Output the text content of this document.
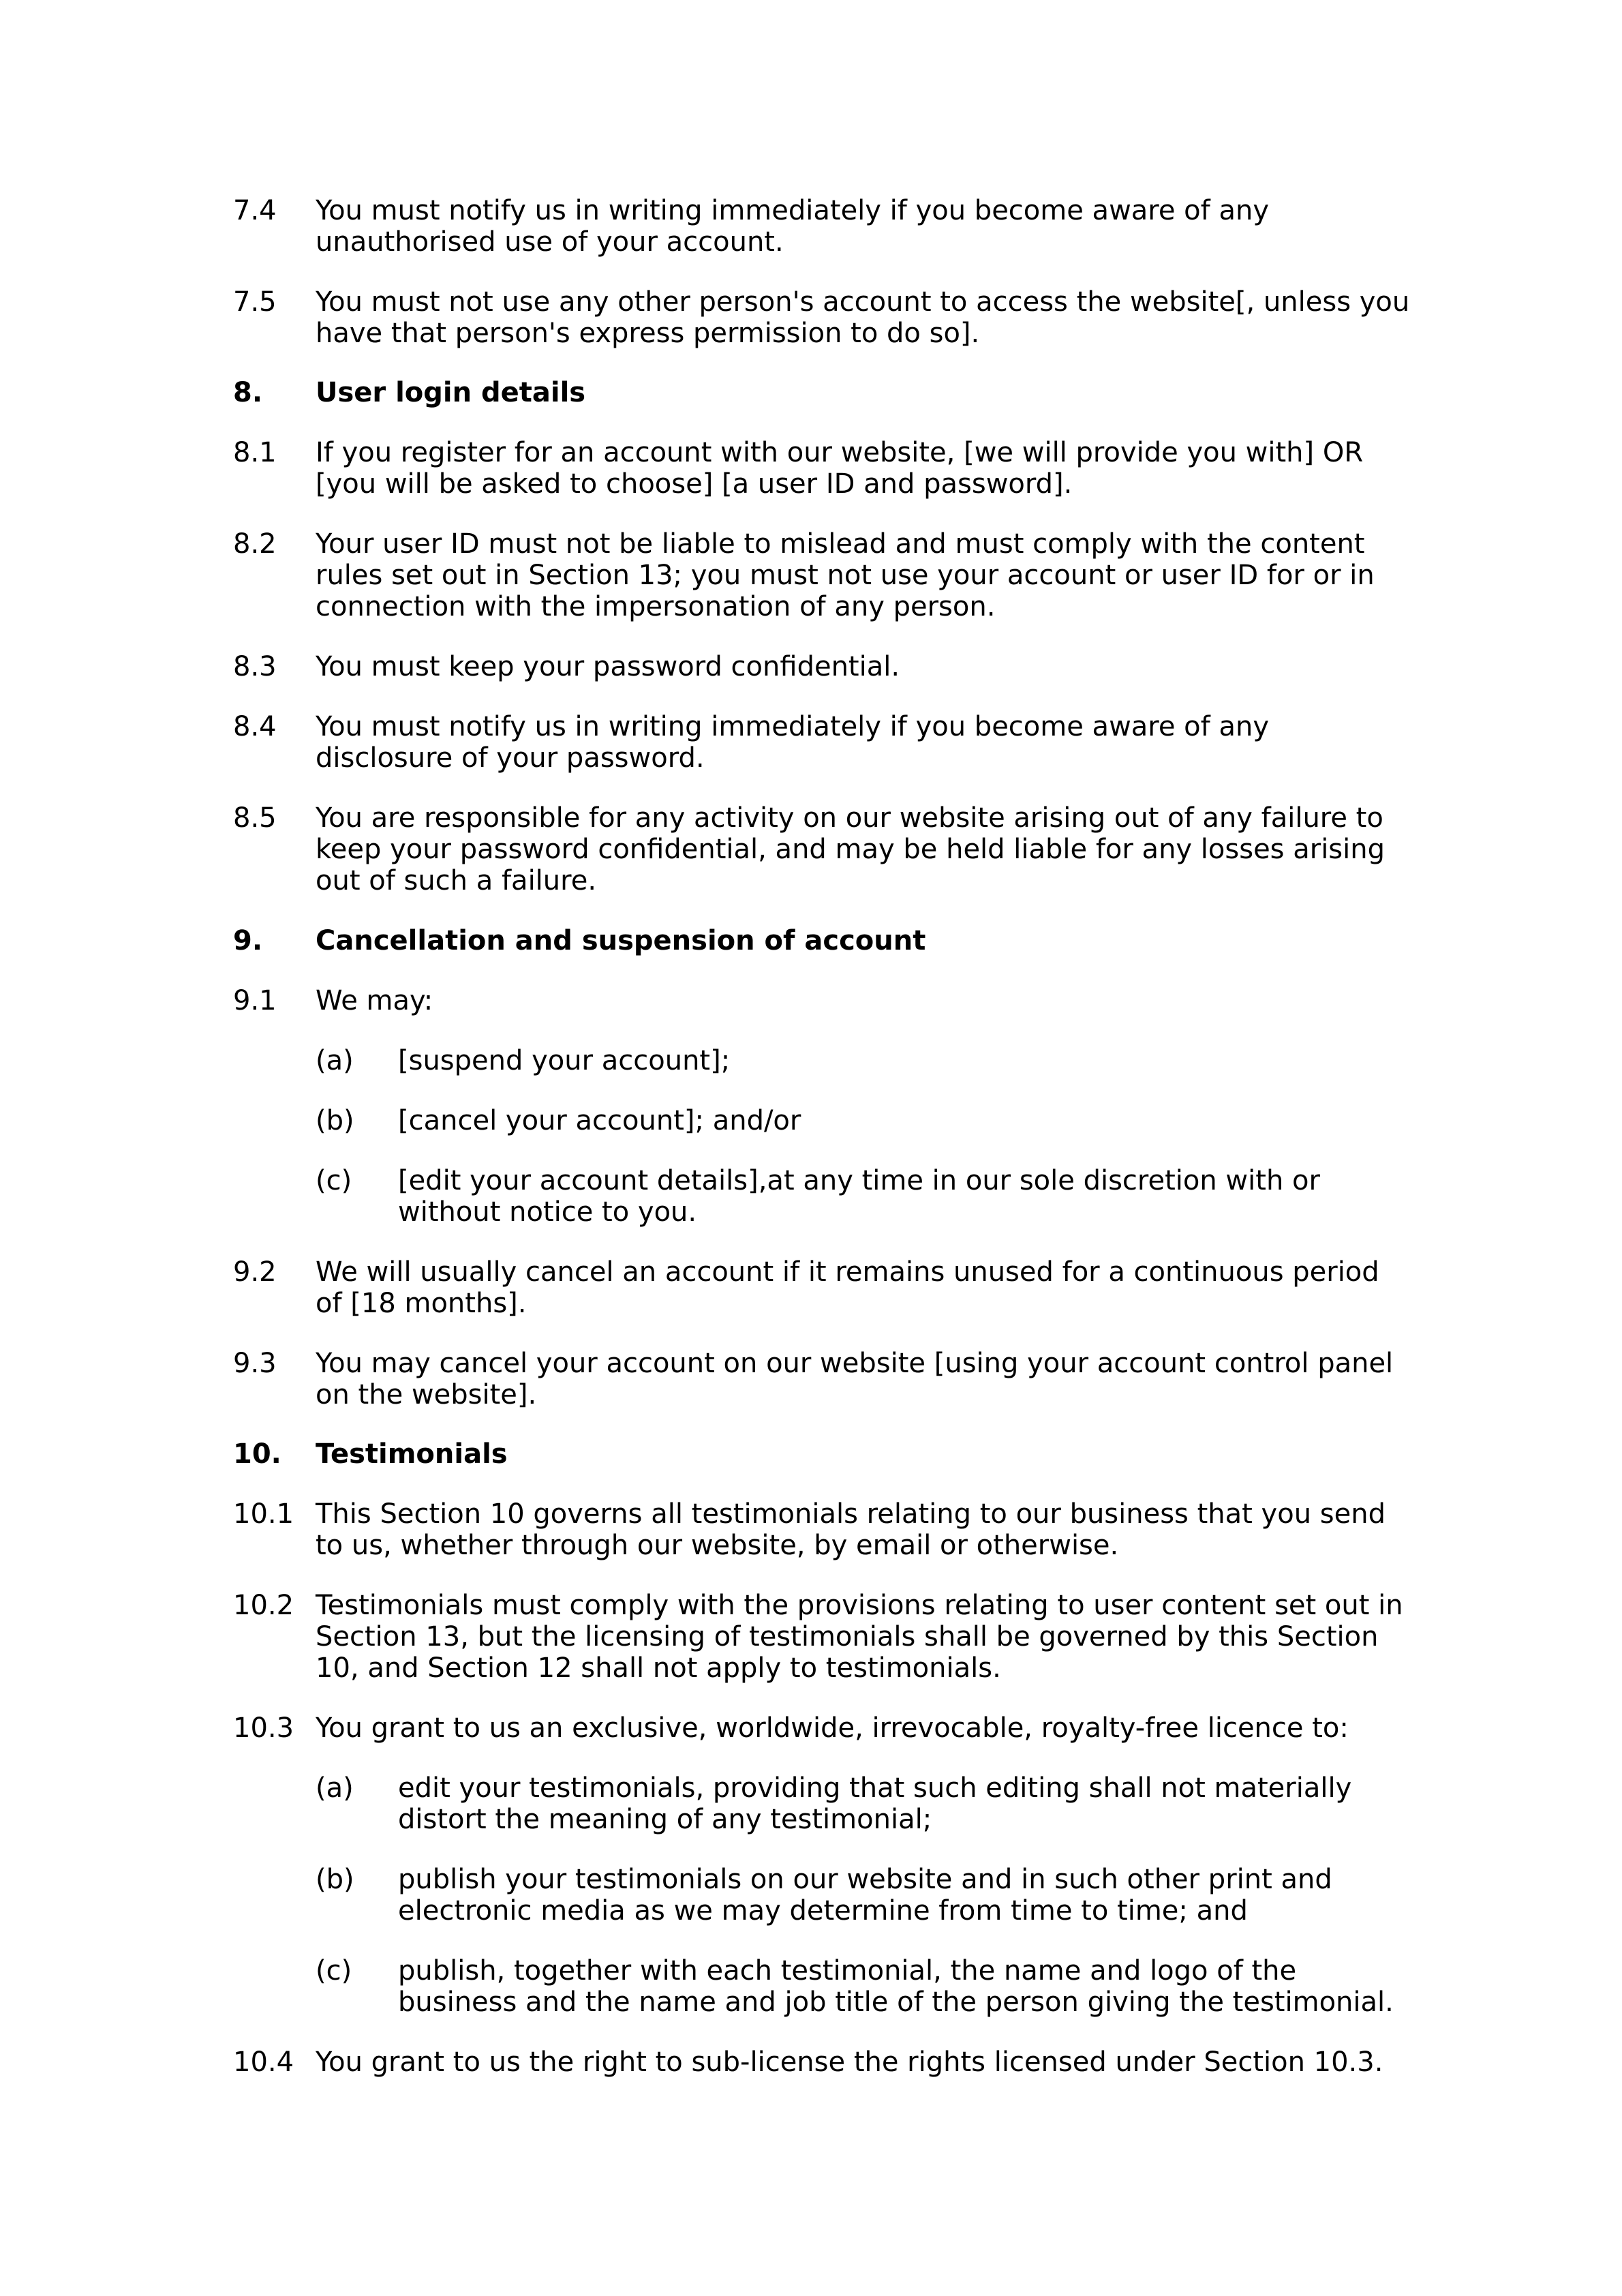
7.4 You must notify us in writing immediately if you become aware of any unauthorised use of your account.
7.5 You must not use any other person's account to access the website[, unless you have that person's express permission to do so].
8. User login details
8.1 If you register for an account with our website, [we will provide you with] OR [you will be asked to choose] [a user ID and password].
8.2 Your user ID must not be liable to mislead and must comply with the content rules set out in Section 13; you must not use your account or user ID for or in connection with the impersonation of any person.
8.3 You must keep your password confidential.
8.4 You must notify us in writing immediately if you become aware of any disclosure of your password.
8.5 You are responsible for any activity on our website arising out of any failure to keep your password confidential, and may be held liable for any losses arising out of such a failure.
9. Cancellation and suspension of account
9.1 We may:
(a) [suspend your account];
(b) [cancel your account]; and/or
(c) [edit your account details],at any time in our sole discretion with or without notice to you.
9.2 We will usually cancel an account if it remains unused for a continuous period of [18 months].
9.3 You may cancel your account on our website [using your account control panel on the website].
10. Testimonials
10.1 This Section 10 governs all testimonials relating to our business that you send to us, whether through our website, by email or otherwise.
10.2 Testimonials must comply with the provisions relating to user content set out in Section 13, but the licensing of testimonials shall be governed by this Section 10, and Section 12 shall not apply to testimonials.
10.3 You grant to us an exclusive, worldwide, irrevocable, royalty-free licence to:
(a) edit your testimonials, providing that such editing shall not materially distort the meaning of any testimonial;
(b) publish your testimonials on our website and in such other print and electronic media as we may determine from time to time; and
(c) publish, together with each testimonial, the name and logo of the business and the name and job title of the person giving the testimonial.
10.4 You grant to us the right to sub-license the rights licensed under Section 10.3.
